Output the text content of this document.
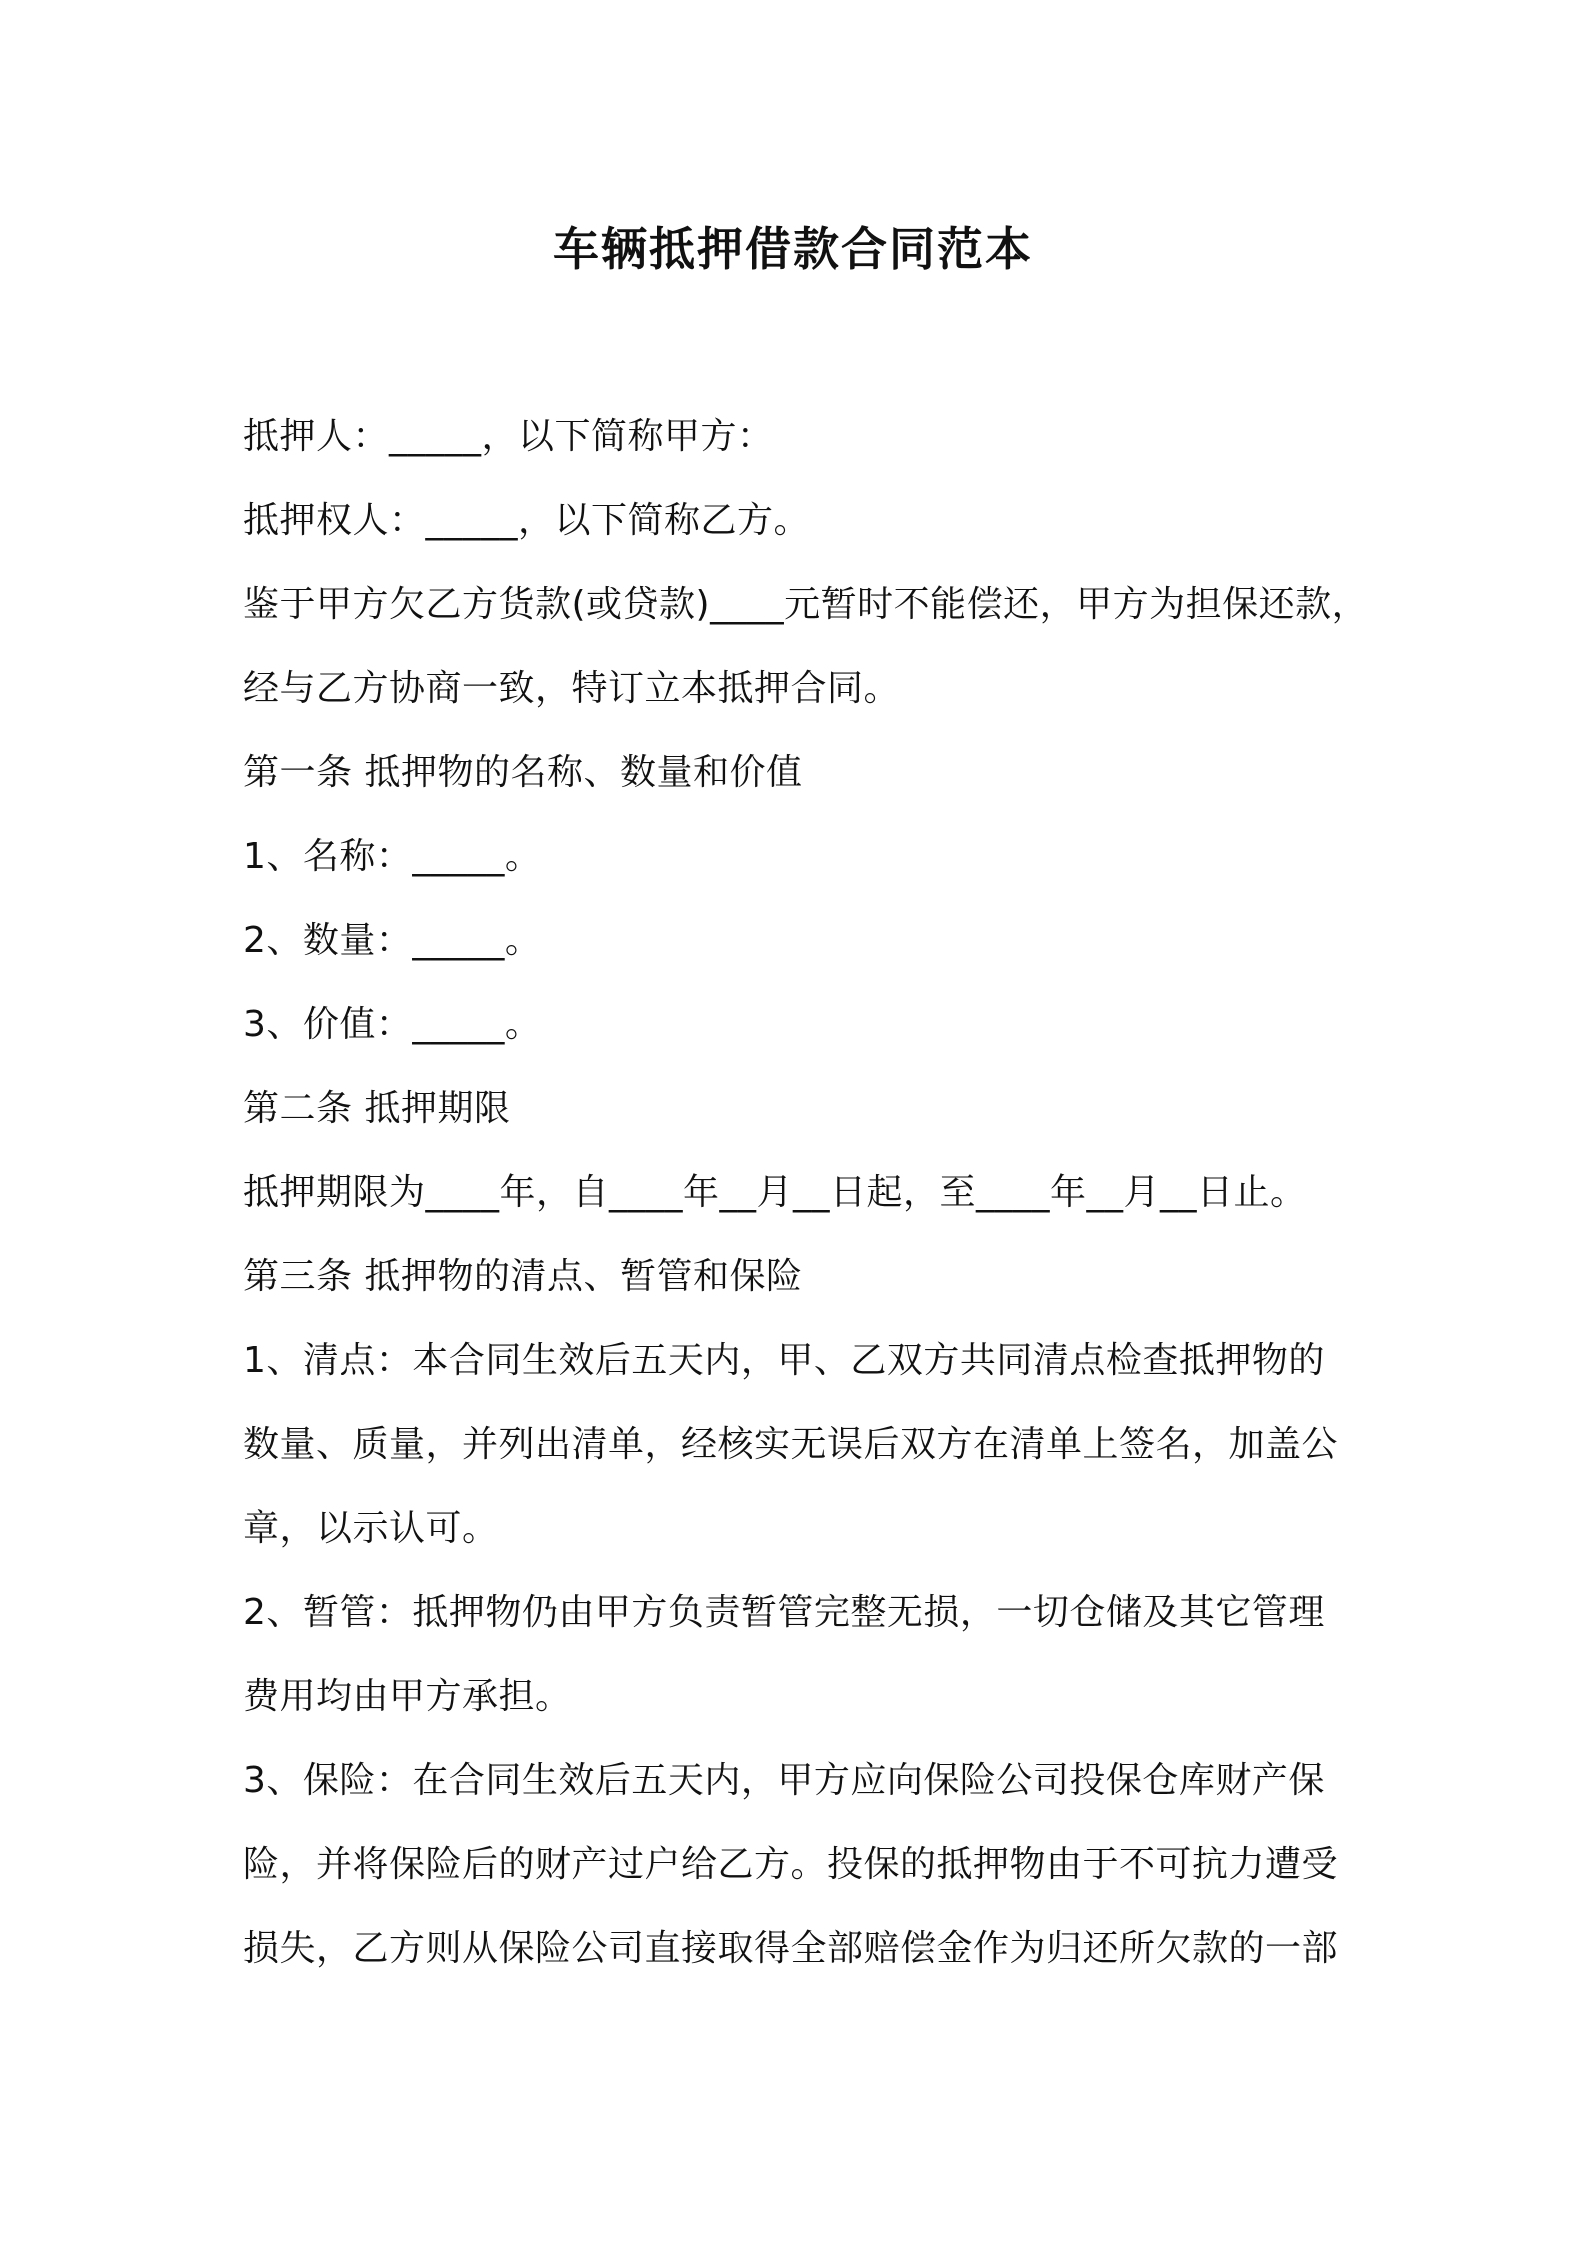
车辆抵押借款合同范本
抵押人：_____，以下简称甲方：
抵押权人：_____，以下简称乙方。
鉴于甲方欠乙方货款(或贷款)____元暂时不能偿还，甲方为担保还款，
经与乙方协商一致，特订立本抵押合同。
第一条 抵押物的名称、数量和价值
1、名称：_____。
2、数量：_____。
3、价值：_____。
第二条 抵押期限
抵押期限为____年，自____年__月__日起，至____年__月__日止。
第三条 抵押物的清点、暂管和保险
1、清点：本合同生效后五天内，甲、乙双方共同清点检查抵押物的
数量、质量，并列出清单，经核实无误后双方在清单上签名，加盖公
章，以示认可。
2、暂管：抵押物仍由甲方负责暂管完整无损，一切仓储及其它管理
费用均由甲方承担。
3、保险：在合同生效后五天内，甲方应向保险公司投保仓库财产保
险，并将保险后的财产过户给乙方。投保的抵押物由于不可抗力遭受
损失，乙方则从保险公司直接取得全部赔偿金作为归还所欠款的一部
